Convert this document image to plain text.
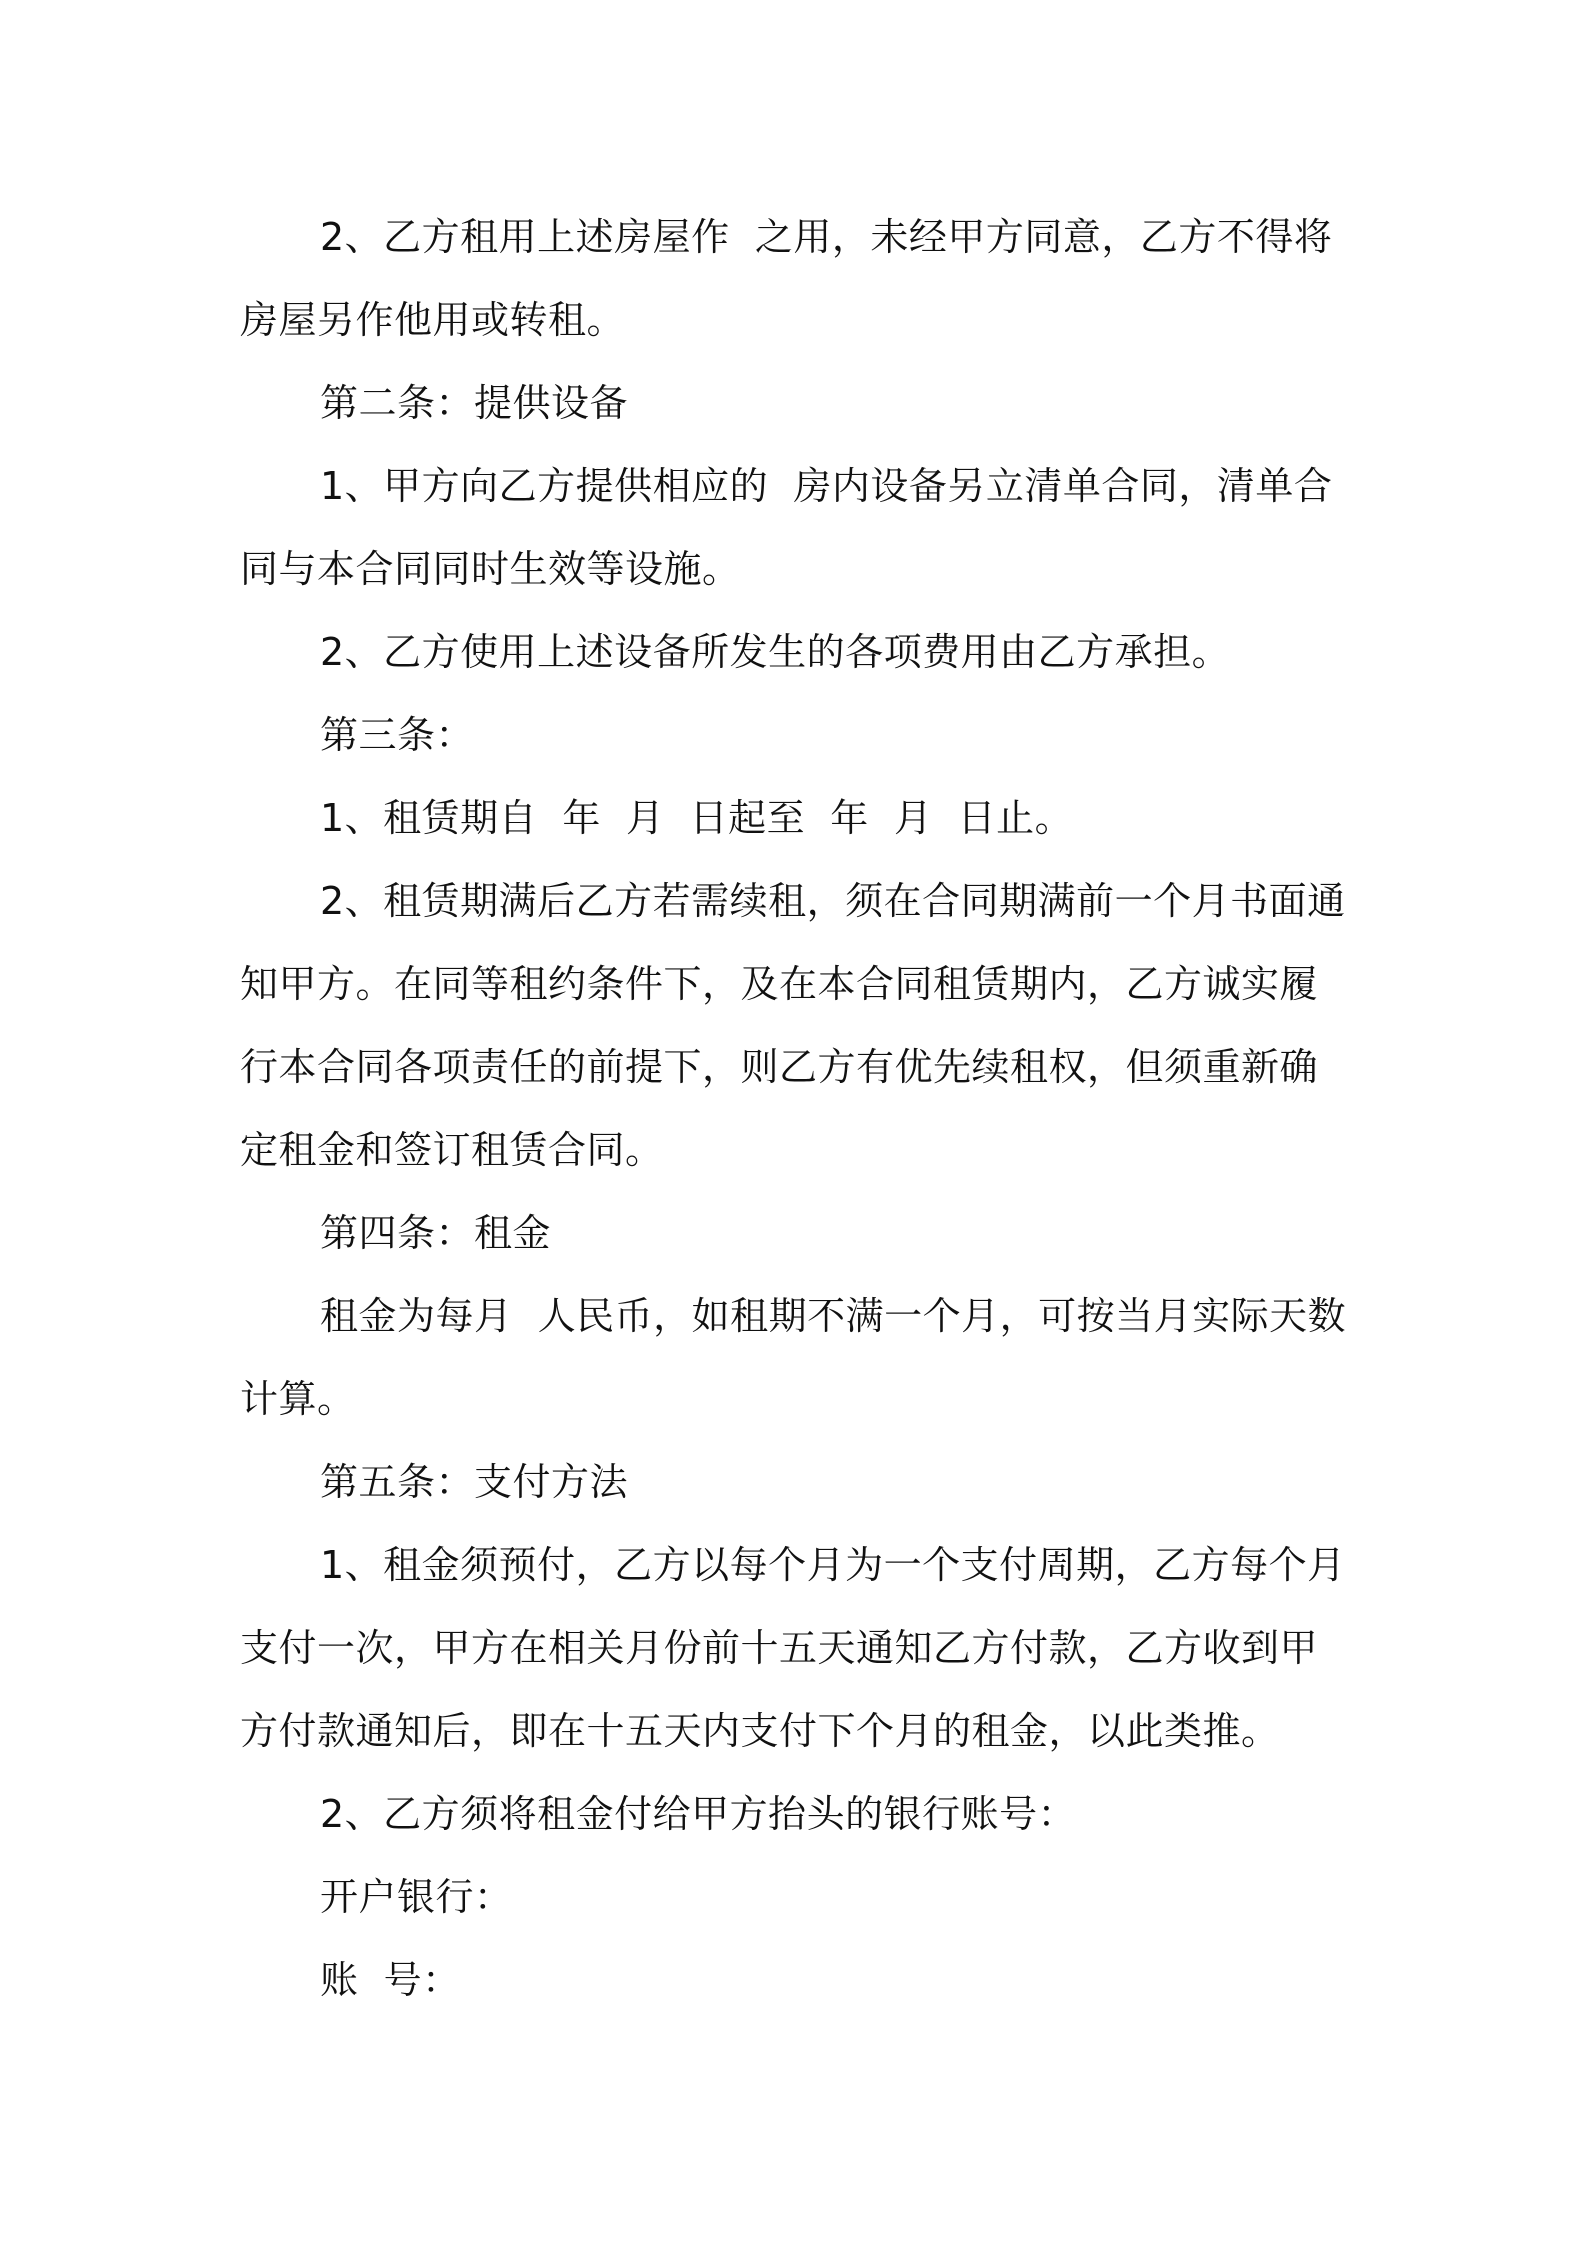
2、乙方租用上述房屋作  之用，未经甲方同意，乙方不得将房屋另作他用或转租。

第二条：提供设备

1、甲方向乙方提供相应的  房内设备另立清单合同，清单合同与本合同同时生效等设施。

2、乙方使用上述设备所发生的各项费用由乙方承担。

第三条：

1、租赁期自  年  月  日起至  年  月  日止。

2、租赁期满后乙方若需续租，须在合同期满前一个月书面通知甲方。在同等租约条件下，及在本合同租赁期内，乙方诚实履行本合同各项责任的前提下，则乙方有优先续租权，但须重新确定租金和签订租赁合同。

第四条：租金

租金为每月  人民币，如租期不满一个月，可按当月实际天数计算。

第五条：支付方法

1、租金须预付，乙方以每个月为一个支付周期，乙方每个月支付一次，甲方在相关月份前十五天通知乙方付款，乙方收到甲方付款通知后，即在十五天内支付下个月的租金，以此类推。

2、乙方须将租金付给甲方抬头的银行账号：

开户银行：

账  号：
